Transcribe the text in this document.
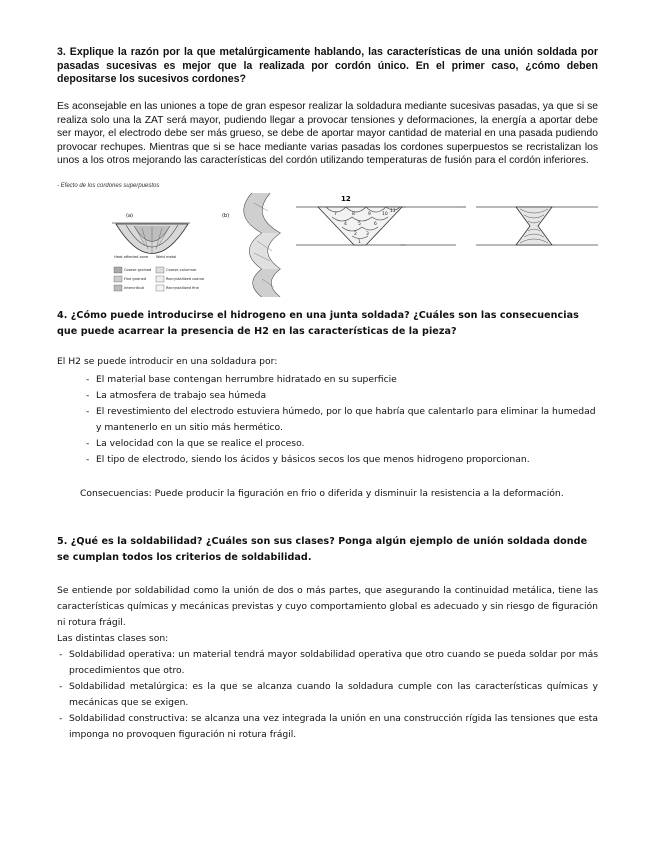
3. Explique la razón por la que metalúrgicamente hablando, las características de una unión soldada por pasadas sucesivas es mejor que la realizada por cordón único. En el primer caso, ¿cómo deben depositarse los sucesivos cordones?
Es aconsejable en las uniones a tope de gran espesor realizar la soldadura mediante sucesivas pasadas, ya que si se realiza solo una la ZAT será mayor, pudiendo llegar a provocar tensiones y deformaciones, la energía a aportar debe ser mayor, el electrodo debe ser más grueso, se debe de aportar mayor cantidad de material en una pasada pudiendo provocar rechupes. Mientras que si se hace mediante varias pasadas los cordones superpuestos se recristalizan los unos a los otros mejorando las características del cordón utilizando temperaturas de fusión para el cordón inferiores.
- Efecto de los cordones superpuestos
(a)	(b)
Heat affected zone Weld metal
Coarse grained	Coarse columnar
Fine grained	Recrystallized coarse
Intercritical	Recrystallized fine
12
1
2 3
4 5	6
7	8	9 10
11
4. ¿Cómo puede introducirse el hidrogeno en una junta soldada? ¿Cuáles son las consecuencias que puede acarrear la presencia de H2 en las características de la pieza?
El H2 se puede introducir en una soldadura por:
- El material base contengan herrumbre hidratado en su superficie
- La atmosfera de trabajo sea húmeda
- El revestimiento del electrodo estuviera húmedo, por lo que habría que calentarlo para eliminar la humedad y mantenerlo en un sitio más hermético.
- La velocidad con la que se realice el proceso.
- El tipo de electrodo, siendo los ácidos y básicos secos los que menos hidrogeno proporcionan.
Consecuencias: Puede producir la figuración en frio o diferida y disminuir la resistencia a la deformación.
5. ¿Qué es la soldabilidad? ¿Cuáles son sus clases? Ponga algún ejemplo de unión soldada donde se cumplan todos los criterios de soldabilidad.
Se entiende por soldabilidad como la unión de dos o más partes, que asegurando la continuidad metálica, tiene las características químicas y mecánicas previstas y cuyo comportamiento global es adecuado y sin riesgo de figuración ni rotura frágil.
Las distintas clases son:
- Soldabilidad operativa: un material tendrá mayor soldabilidad operativa que otro cuando se pueda soldar por más procedimientos que otro.
- Soldabilidad metalúrgica: es la que se alcanza cuando la soldadura cumple con las características químicas y mecánicas que se exigen.
- Soldabilidad constructiva: se alcanza una vez integrada la unión en una construcción rígida las tensiones que esta imponga no provoquen figuración ni rotura frágil.
